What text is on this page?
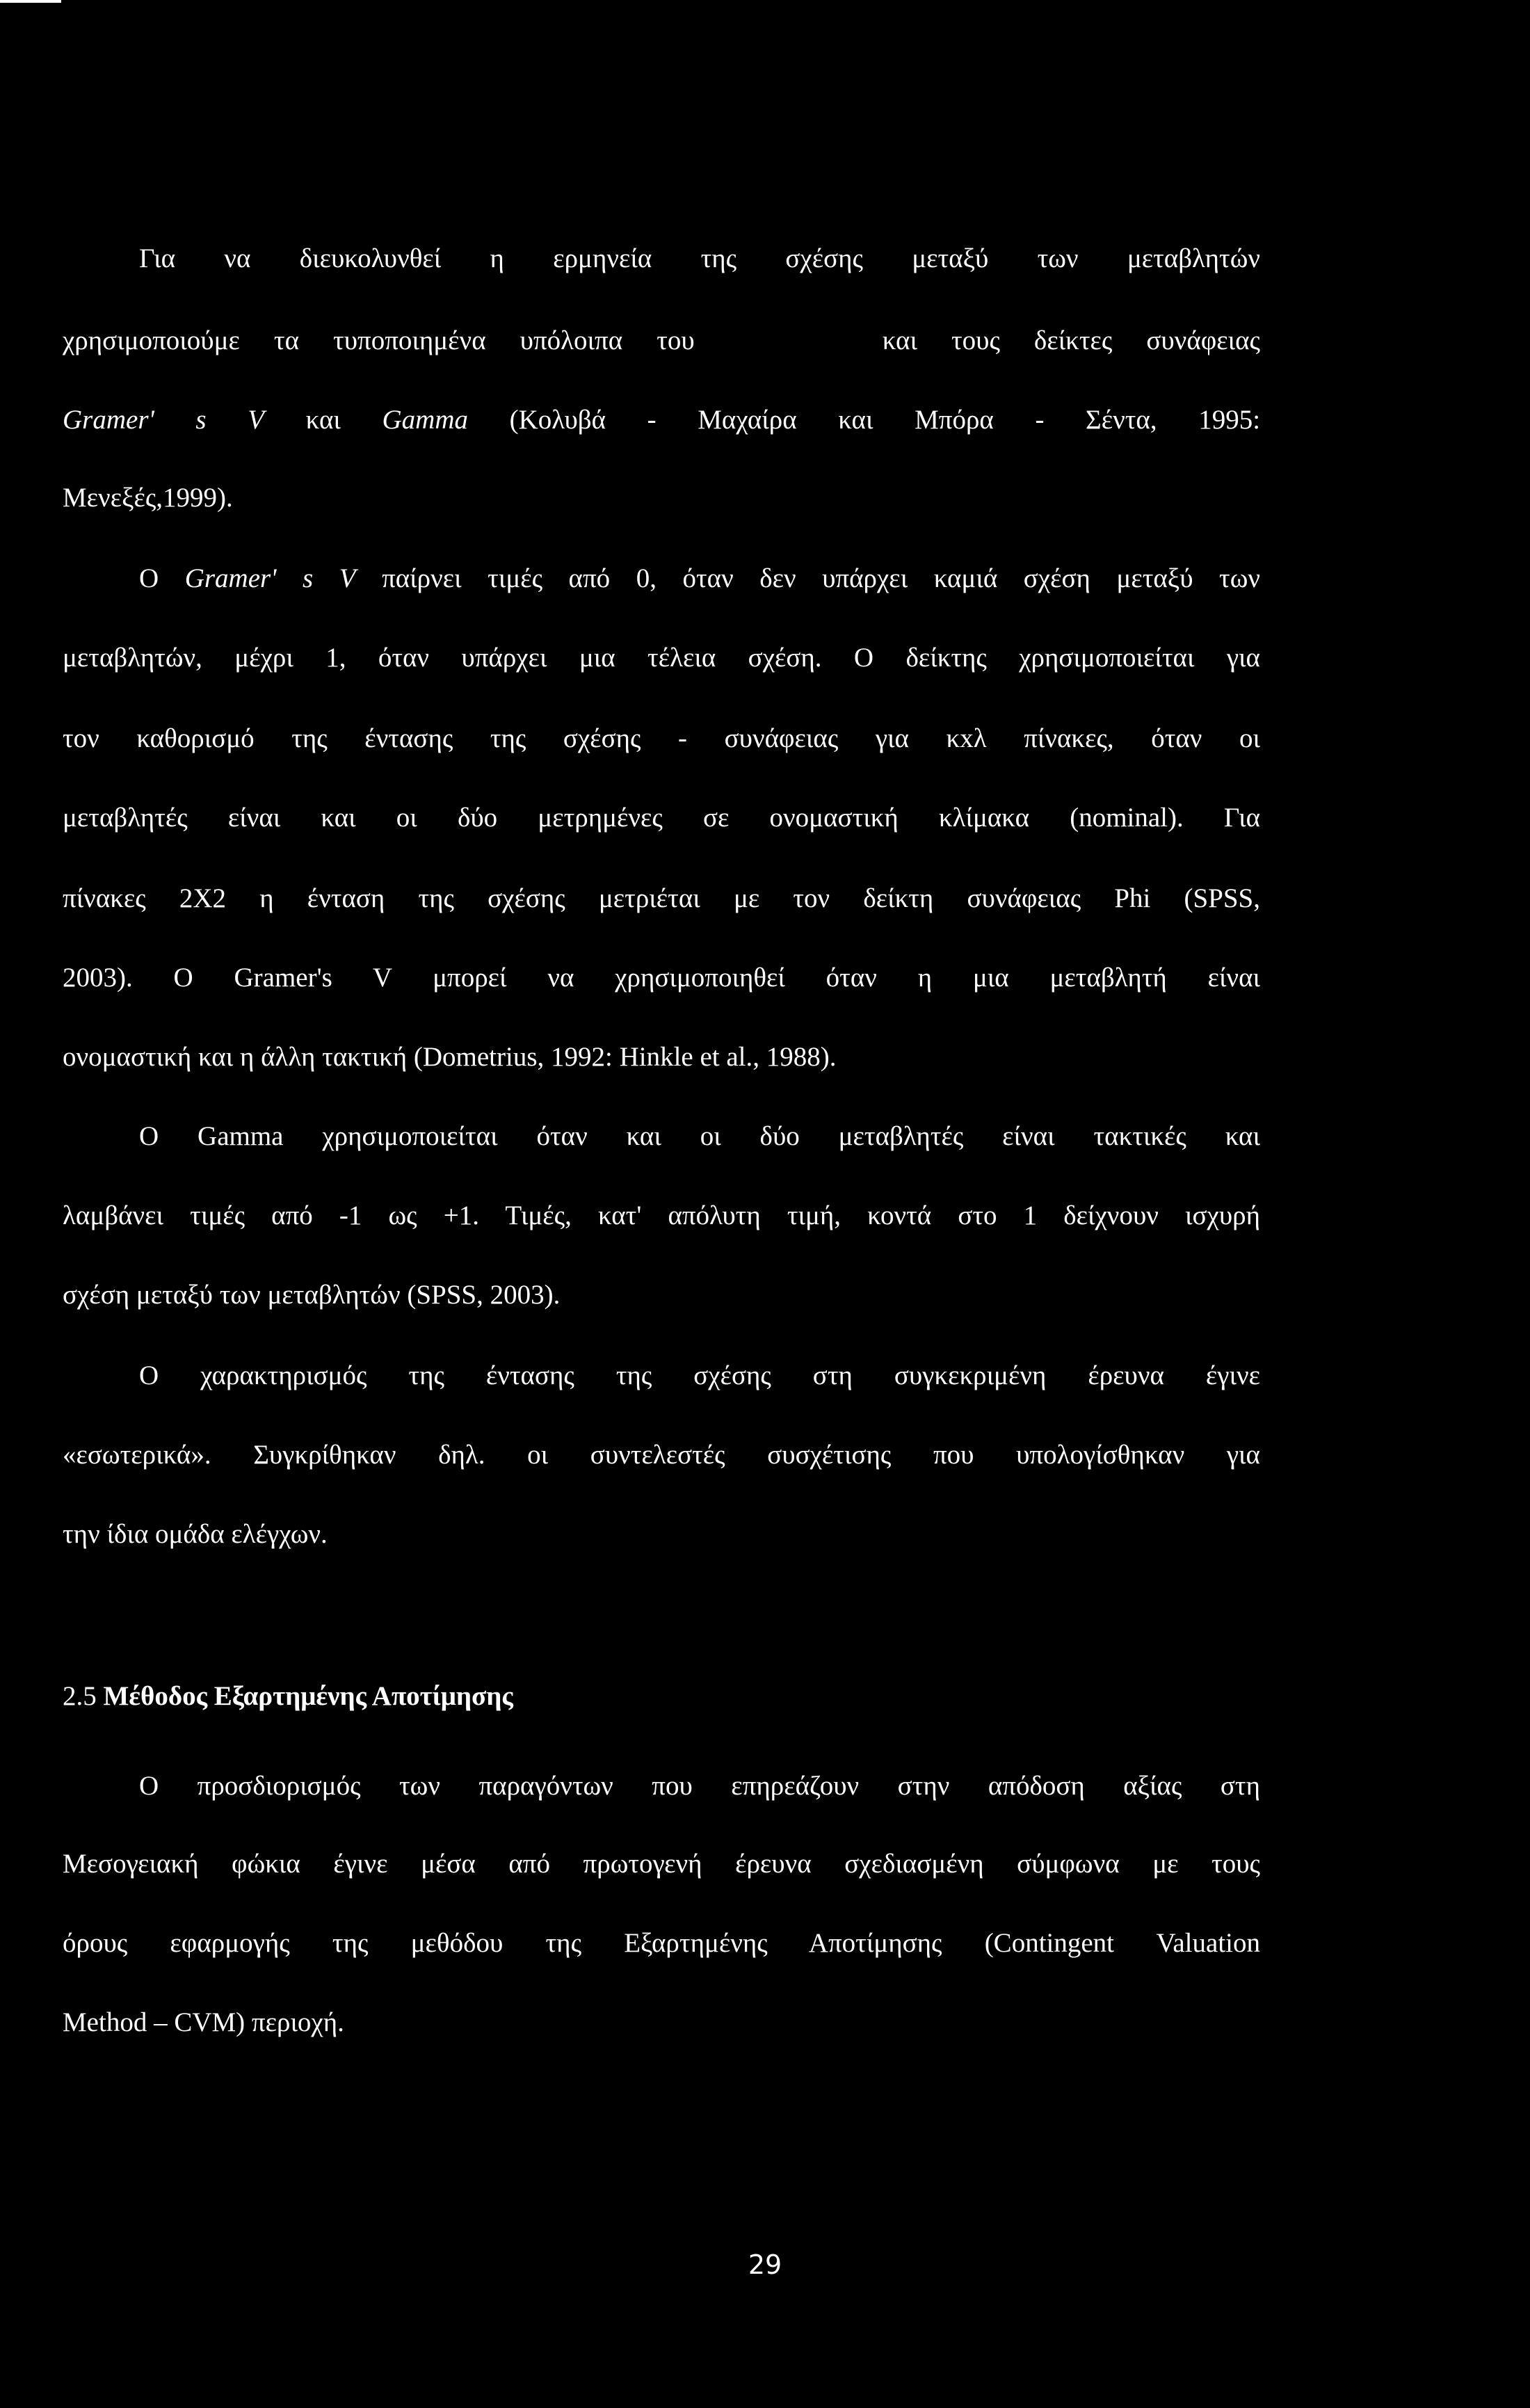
Για να διευκολυνθεί η ερμηνεία της σχέσης μεταξύ των μεταβλητών
χρησιμοποιούμε τα τυποποιημένα υπόλοιπα του	και τους δείκτες συνάφειας
Gramer' s V και Gamma (Κολυβά - Μαχαίρα και Μπόρα - Σέντα, 1995:
Μενεξές,1999).
Ο Gramer' s V παίρνει τιμές από 0, όταν δεν υπάρχει καμιά σχέση μεταξύ των
μεταβλητών, μέχρι 1, όταν υπάρχει μια τέλεια σχέση. Ο δείκτης χρησιμοποιείται για
τον καθορισμό της έντασης της σχέσης - συνάφειας για κxλ πίνακες, όταν οι
μεταβλητές είναι και οι δύο μετρημένες σε ονομαστική κλίμακα (nominal). Για
πίνακες 2X2 η ένταση της σχέσης μετριέται με τον δείκτη συνάφειας Phi (SPSS,
2003). Ο Gramer's V μπορεί να χρησιμοποιηθεί όταν η μια μεταβλητή είναι
ονομαστική και η άλλη τακτική (Dometrius, 1992: Hinkle et al., 1988).
Ο Gamma χρησιμοποιείται όταν και οι δύο μεταβλητές είναι τακτικές και
λαμβάνει τιμές από -1 ως +1. Τιμές, κατ' απόλυτη τιμή, κοντά στο 1 δείχνουν ισχυρή
σχέση μεταξύ των μεταβλητών (SPSS, 2003).
Ο χαρακτηρισμός της έντασης της σχέσης στη συγκεκριμένη έρευνα έγινε
«εσωτερικά». Συγκρίθηκαν δηλ. οι συντελεστές συσχέτισης που υπολογίσθηκαν για
την ίδια ομάδα ελέγχων.
2.5 Μέθοδος Εξαρτημένης Αποτίμησης
Ο προσδιορισμός των παραγόντων που επηρεάζουν στην απόδοση αξίας στη
Μεσογειακή φώκια έγινε μέσα από πρωτογενή έρευνα σχεδιασμένη σύμφωνα με τους
όρους εφαρμογής της μεθόδου της Εξαρτημένης Αποτίμησης (Contingent Valuation
Method – CVM) περιοχή.
29
